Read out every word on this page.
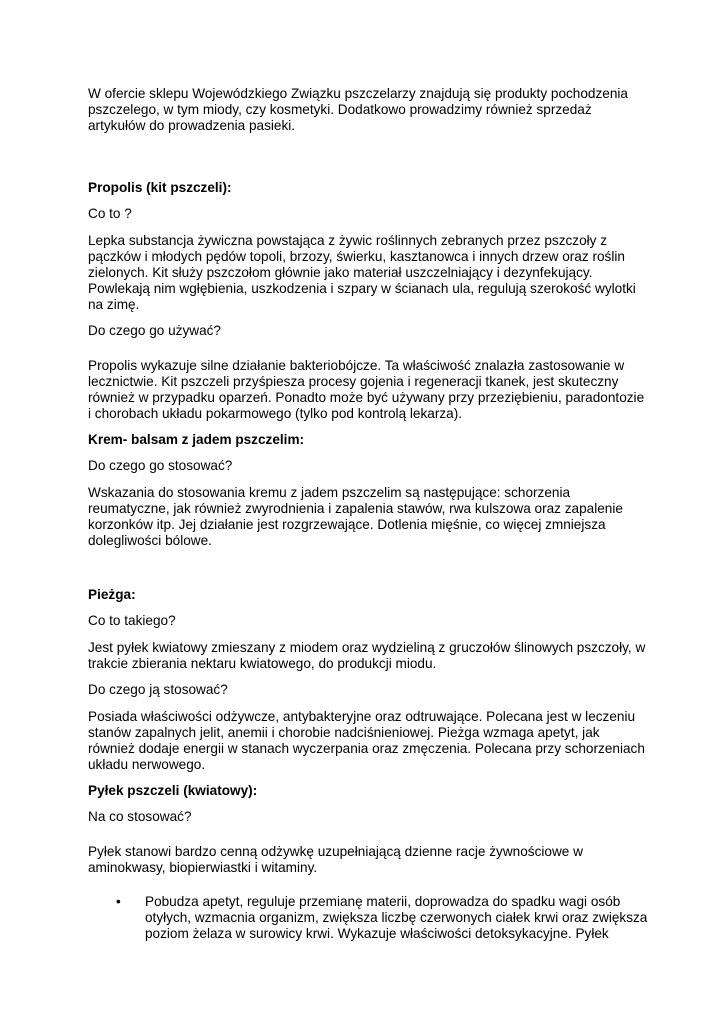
W ofercie sklepu Wojewódzkiego Związku pszczelarzy znajdują się produkty pochodzenia
pszczelego, w tym miody, czy kosmetyki. Dodatkowo prowadzimy również sprzedaż
artykułów do prowadzenia pasieki.

Propolis (kit pszczeli):

Co to ?

Lepka substancja żywiczna powstająca z żywic roślinnych zebranych przez pszczoły z
pączków i młodych pędów topoli, brzozy, świerku, kasztanowca i innych drzew oraz roślin
zielonych. Kit służy pszczołom głównie jako materiał uszczelniający i dezynfekujący.
Powlekają nim wgłębienia, uszkodzenia i szpary w ścianach ula, regulują szerokość wylotki
na zimę.

Do czego go używać?

Propolis wykazuje silne działanie bakteriobójcze. Ta właściwość znalazła zastosowanie w
lecznictwie. Kit pszczeli przyśpiesza procesy gojenia i regeneracji tkanek, jest skuteczny
również w przypadku oparzeń. Ponadto może być używany przy przeziębieniu, paradontozie
i chorobach układu pokarmowego (tylko pod kontrolą lekarza).

Krem- balsam z jadem pszczelim:

Do czego go stosować?

Wskazania do stosowania kremu z jadem pszczelim są następujące: schorzenia
reumatyczne, jak również zwyrodnienia i zapalenia stawów, rwa kulszowa oraz zapalenie
korzonków itp. Jej działanie jest rozgrzewające. Dotlenia mięśnie, co więcej zmniejsza
dolegliwości bólowe.

Pieżga:

Co to takiego?

Jest pyłek kwiatowy zmieszany z miodem oraz wydzieliną z gruczołów ślinowych pszczoły, w
trakcie zbierania nektaru kwiatowego, do produkcji miodu.

Do czego ją stosować?

Posiada właściwości odżywcze, antybakteryjne oraz odtruwające. Polecana jest w leczeniu
stanów zapalnych jelit, anemii i chorobie nadciśnieniowej. Pieżga wzmaga apetyt, jak
również dodaje energii w stanach wyczerpania oraz zmęczenia. Polecana przy schorzeniach
układu nerwowego.

Pyłek pszczeli (kwiatowy):

Na co stosować?

Pyłek stanowi bardzo cenną odżywkę uzupełniającą dzienne racje żywnościowe w
aminokwasy, biopierwiastki i witaminy.

• Pobudza apetyt, reguluje przemianę materii, doprowadza do spadku wagi osób
otyłych, wzmacnia organizm, zwiększa liczbę czerwonych ciałek krwi oraz zwiększa
poziom żelaza w surowicy krwi. Wykazuje właściwości detoksykacyjne. Pyłek
